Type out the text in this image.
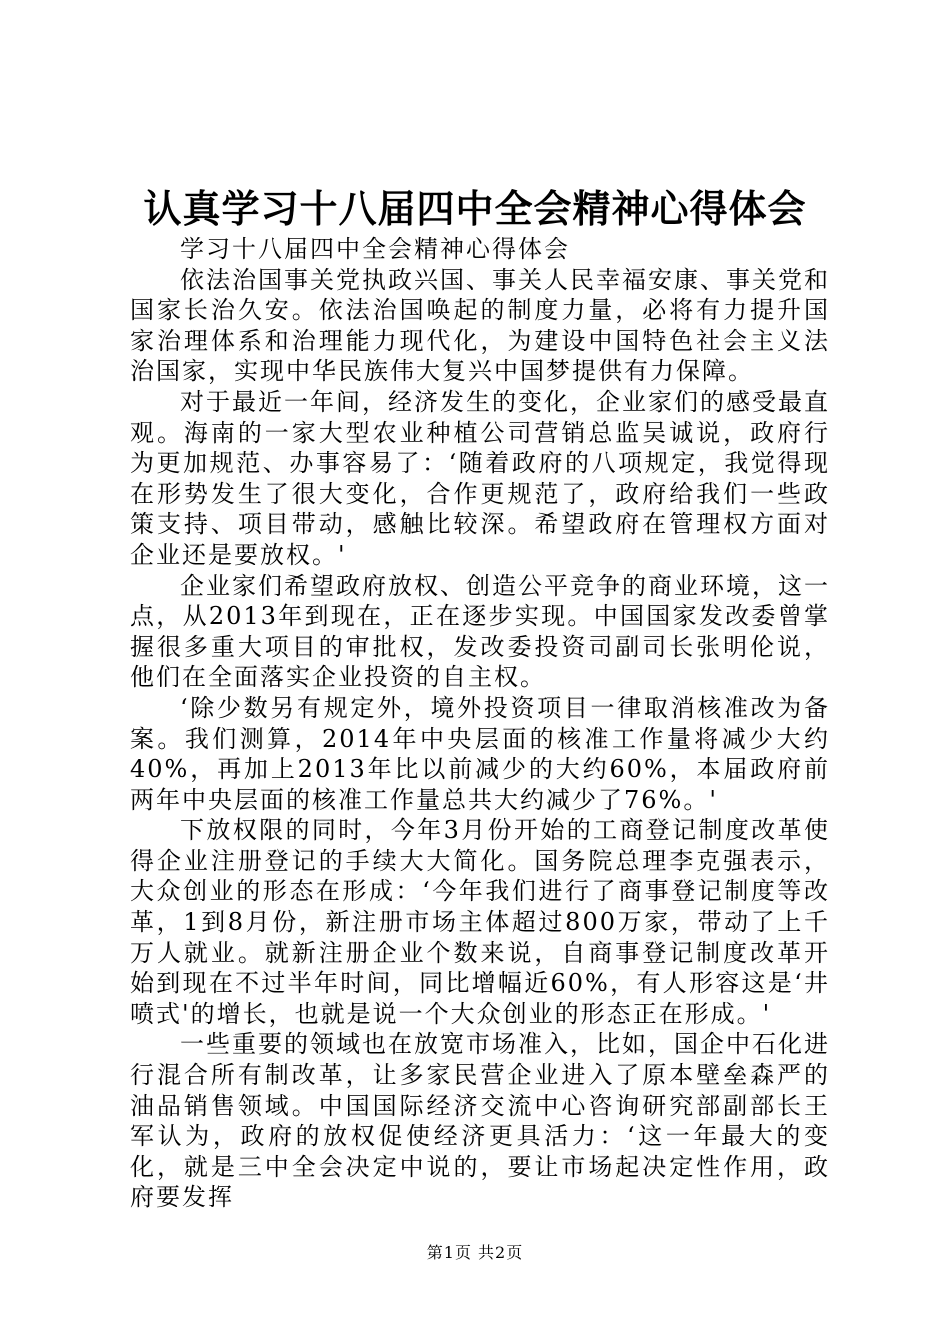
认真学习十八届四中全会精神心得体会

学习十八届四中全会精神心得体会

依法治国事关党执政兴国、事关人民幸福安康、事关党和国家长治久安。依法治国唤起的制度力量，必将有力提升国家治理体系和治理能力现代化，为建设中国特色社会主义法治国家，实现中华民族伟大复兴中国梦提供有力保障。

对于最近一年间，经济发生的变化，企业家们的感受最直观。海南的一家大型农业种植公司营销总监吴诚说，政府行为更加规范、办事容易了：‘随着政府的八项规定，我觉得现在形势发生了很大变化，合作更规范了，政府给我们一些政策支持、项目带动，感触比较深。希望政府在管理权方面对企业还是要放权。'

企业家们希望政府放权、创造公平竞争的商业环境，这一点，从2013年到现在，正在逐步实现。中国国家发改委曾掌握很多重大项目的审批权，发改委投资司副司长张明伦说，他们在全面落实企业投资的自主权。

‘除少数另有规定外，境外投资项目一律取消核准改为备案。我们测算，2014年中央层面的核准工作量将减少大约40%，再加上2013年比以前减少的大约60%，本届政府前两年中央层面的核准工作量总共大约减少了76%。'

下放权限的同时，今年3月份开始的工商登记制度改革使得企业注册登记的手续大大简化。国务院总理李克强表示，大众创业的形态在形成：‘今年我们进行了商事登记制度等改革，1到8月份，新注册市场主体超过800万家，带动了上千万人就业。就新注册企业个数来说，自商事登记制度改革开始到现在不过半年时间，同比增幅近60%，有人形容这是‘井喷式'的增长，也就是说一个大众创业的形态正在形成。'

一些重要的领域也在放宽市场准入，比如，国企中石化进行混合所有制改革，让多家民营企业进入了原本壁垒森严的油品销售领域。中国国际经济交流中心咨询研究部副部长王军认为，政府的放权促使经济更具活力：‘这一年最大的变化，就是三中全会决定中说的，要让市场起决定性作用，政府要发挥

第1页 共2页
